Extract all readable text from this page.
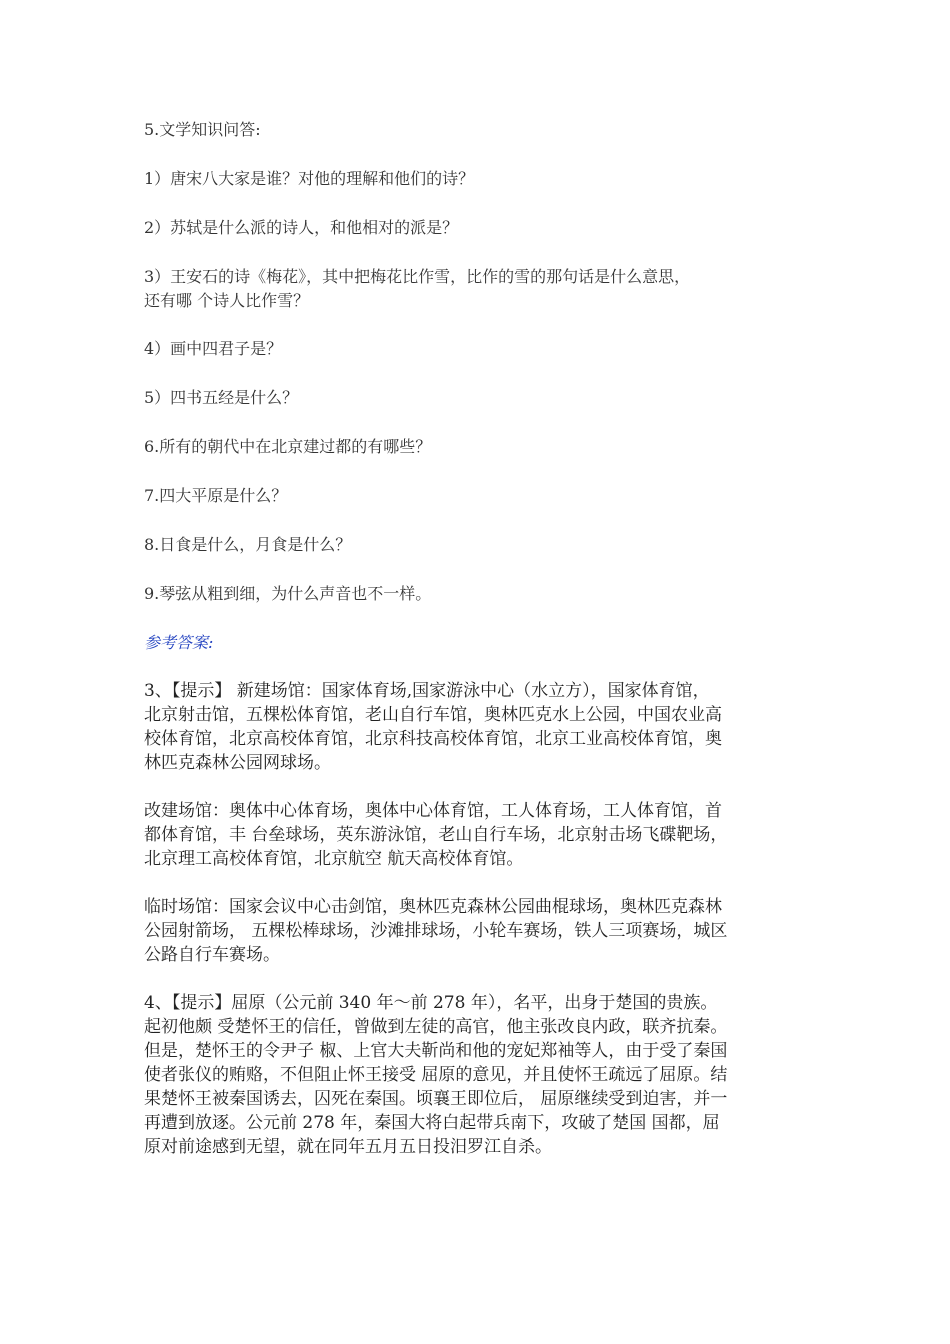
5.文学知识问答:

1）唐宋八大家是谁？对他的理解和他们的诗？

2）苏轼是什么派的诗人，和他相对的派是？

3）王安石的诗《梅花》，其中把梅花比作雪，比作的雪的那句话是什么意思，
还有哪 个诗人比作雪？

4）画中四君子是？

5）四书五经是什么？

6.所有的朝代中在北京建过都的有哪些？

7.四大平原是什么？

8.日食是什么，月食是什么？

9.琴弦从粗到细，为什么声音也不一样。

参考答案:

3、【提示】 新建场馆：国家体育场,国家游泳中心（水立方），国家体育馆，
北京射击馆，五棵松体育馆，老山自行车馆，奥林匹克水上公园，中国农业高
校体育馆，北京高校体育馆，北京科技高校体育馆，北京工业高校体育馆，奥
林匹克森林公园网球场。

改建场馆：奥体中心体育场，奥体中心体育馆，工人体育场，工人体育馆，首
都体育馆，丰 台垒球场，英东游泳馆，老山自行车场，北京射击场飞碟靶场，
北京理工高校体育馆，北京航空 航天高校体育馆。

临时场馆：国家会议中心击剑馆，奥林匹克森林公园曲棍球场，奥林匹克森林
公园射箭场， 五棵松棒球场，沙滩排球场，小轮车赛场，铁人三项赛场，城区
公路自行车赛场。

4、【提示】屈原（公元前 340 年～前 278 年），名平，出身于楚国的贵族。
起初他颇 受楚怀王的信任，曾做到左徒的高官，他主张改良内政，联齐抗秦。
但是，楚怀王的令尹子 椒、上官大夫靳尚和他的宠妃郑袖等人，由于受了秦国
使者张仪的贿赂，不但阻止怀王接受 屈原的意见，并且使怀王疏远了屈原。结
果楚怀王被秦国诱去，囚死在秦国。顷襄王即位后， 屈原继续受到迫害，并一
再遭到放逐。公元前 278 年，秦国大将白起带兵南下，攻破了楚国 国都，屈
原对前途感到无望，就在同年五月五日投汨罗江自杀。
